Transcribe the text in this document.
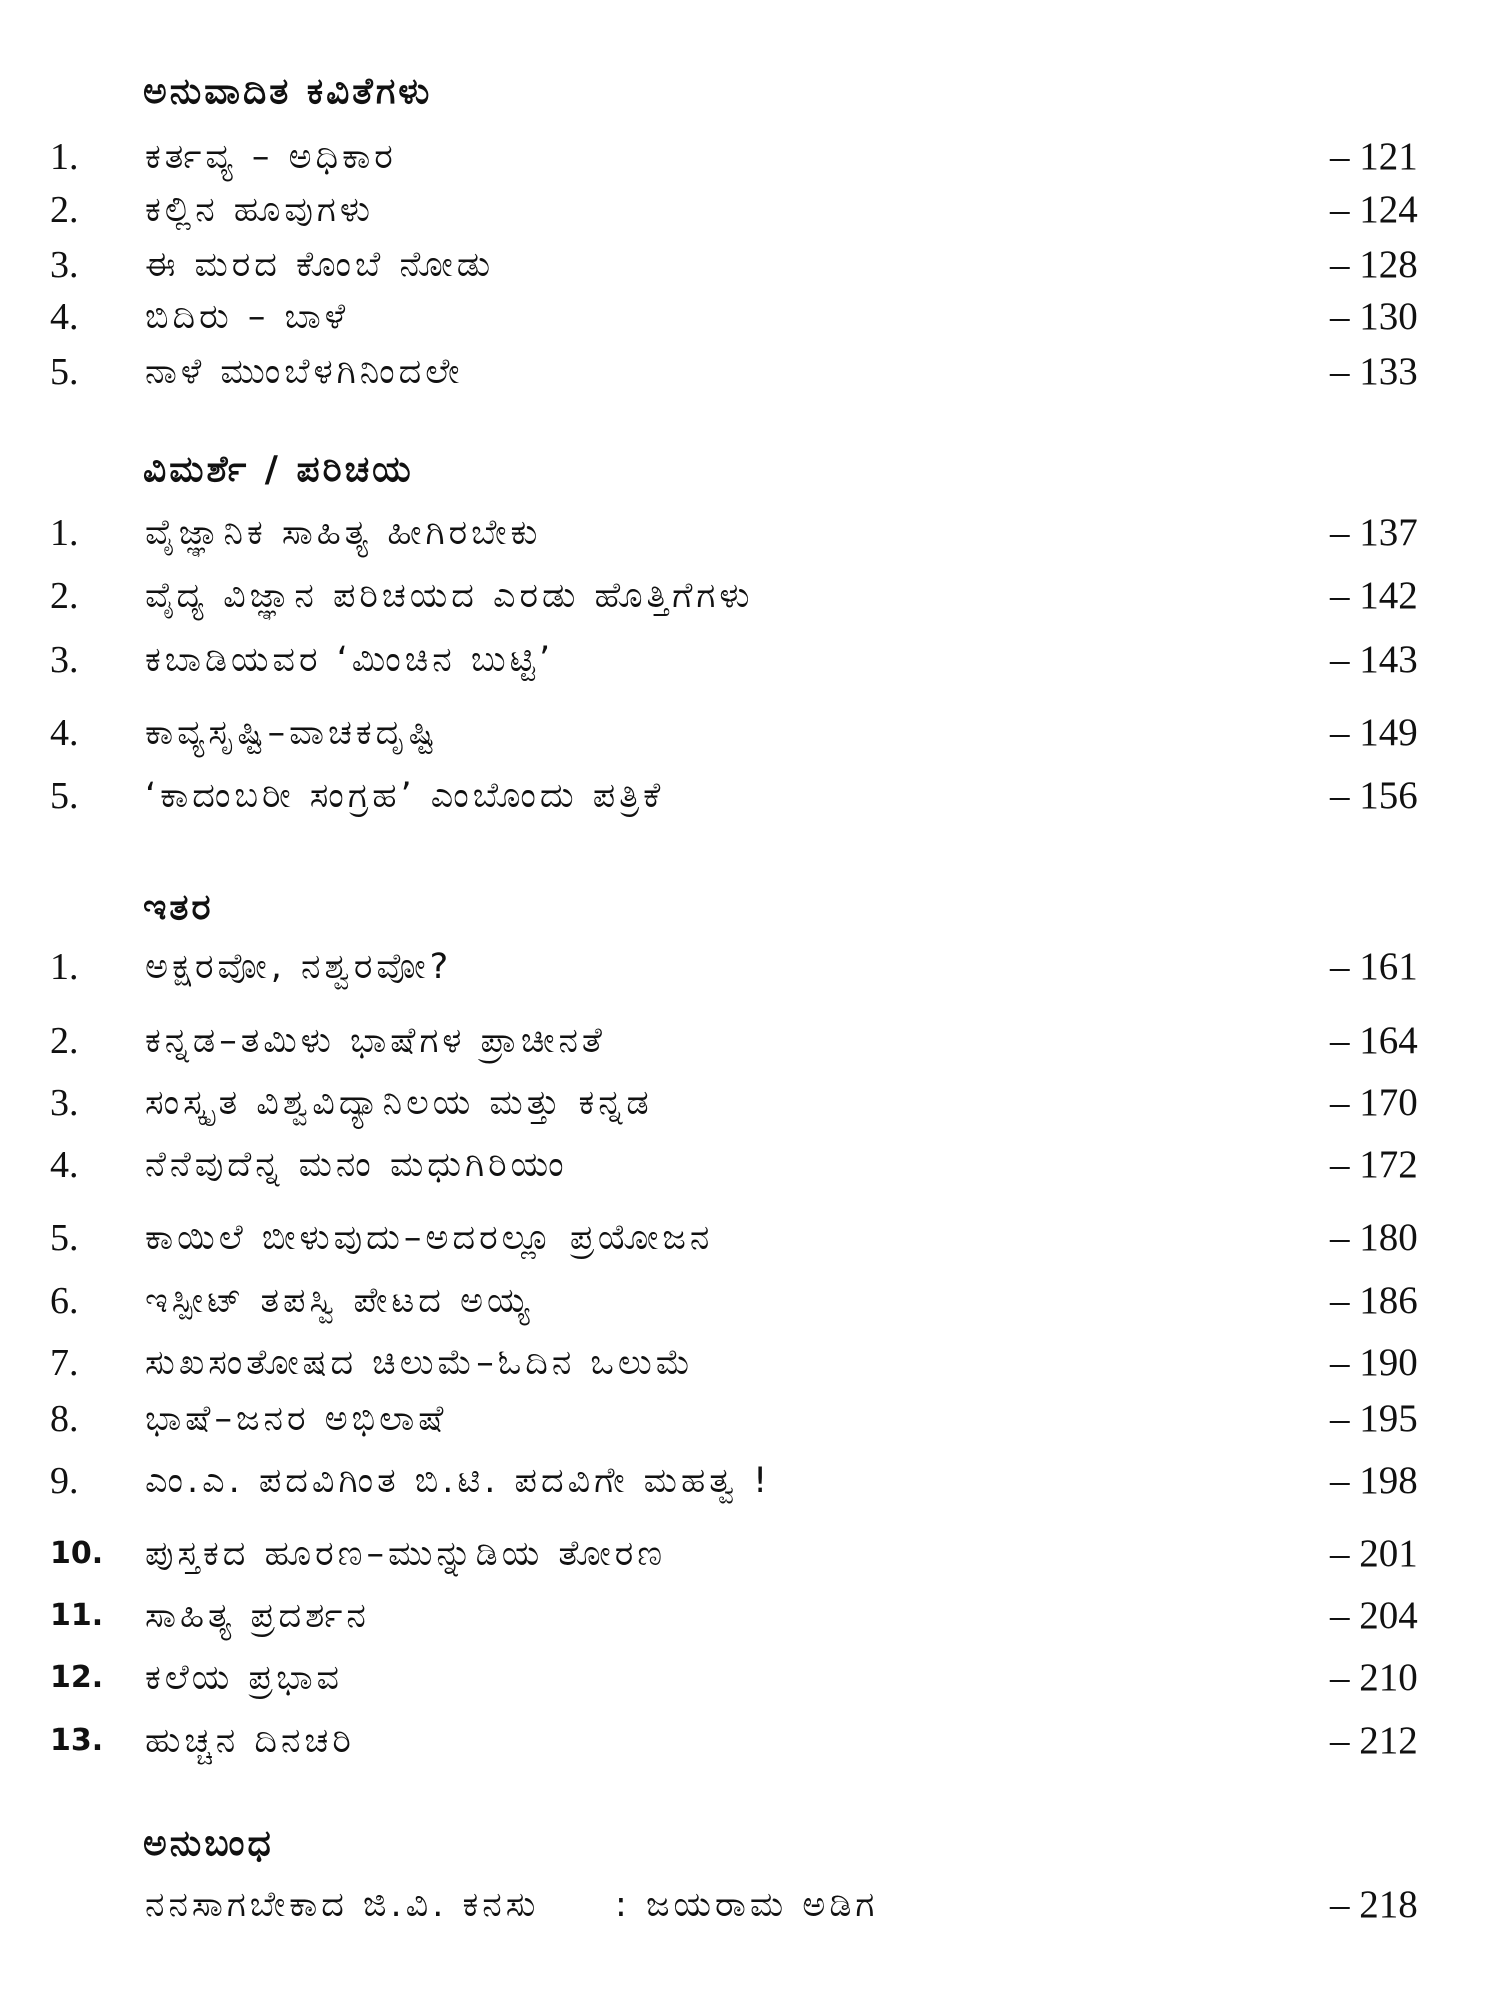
ಅನುವಾದಿತ ಕವಿತೆಗಳು
1. ಕರ್ತವ್ಯ – ಅಧಿಕಾರ	– 121
2. ಕಲ್ಲಿನ ಹೂವುಗಳು	– 124
3. ಈ ಮರದ ಕೊಂಬೆ ನೋಡು	– 128
4. ಬಿದಿರು – ಬಾಳೆ	– 130
5. ನಾಳೆ ಮುಂಬೆಳಗಿನಿಂದಲೇ	– 133
ವಿಮರ್ಶೆ / ಪರಿಚಯ
1. ವೈಜ್ಞಾನಿಕ ಸಾಹಿತ್ಯ ಹೀಗಿರಬೇಕು	– 137
2. ವೈದ್ಯ ವಿಜ್ಞಾನ ಪರಿಚಯದ ಎರಡು ಹೊತ್ತಿಗೆಗಳು	– 142
3. ಕಬಾಡಿಯವರ ‘ಮಿಂಚಿನ ಬುಟ್ಟಿ’	– 143
4. ಕಾವ್ಯಸೃಷ್ಟಿ–ವಾಚಕದೃಷ್ಟಿ	– 149
5. ‘ಕಾದಂಬರೀ ಸಂಗ್ರಹ’ ಎಂಬೊಂದು ಪತ್ರಿಕೆ	– 156
ಇತರ
1. ಅಕ್ಷರವೋ, ನಶ್ವರವೋ?	– 161
2. ಕನ್ನಡ–ತಮಿಳು ಭಾಷೆಗಳ ಪ್ರಾಚೀನತೆ	– 164
3. ಸಂಸ್ಕೃತ ವಿಶ್ವವಿದ್ಯಾನಿಲಯ ಮತ್ತು ಕನ್ನಡ	– 170
4. ನೆನೆವುದೆನ್ನ ಮನಂ ಮಧುಗಿರಿಯಂ	– 172
5. ಕಾಯಿಲೆ ಬೀಳುವುದು–ಅದರಲ್ಲೂ ಪ್ರಯೋಜನ	– 180
6. ಇಸ್ಪೀಟ್ ತಪಸ್ವಿ ಪೇಟದ ಅಯ್ಯ	– 186
7. ಸುಖಸಂತೋಷದ ಚಿಲುಮೆ–ಓದಿನ ಒಲುಮೆ	– 190
8. ಭಾಷೆ–ಜನರ ಅಭಿಲಾಷೆ	– 195
9. ಎಂ.ಎ. ಪದವಿಗಿಂತ ಬಿ.ಟಿ. ಪದವಿಗೇ ಮಹತ್ವ !	– 198
10. ಪುಸ್ತಕದ ಹೂರಣ–ಮುನ್ನುಡಿಯ ತೋರಣ	– 201
11. ಸಾಹಿತ್ಯ ಪ್ರದರ್ಶನ	– 204
12. ಕಲೆಯ ಪ್ರಭಾವ	– 210
13. ಹುಚ್ಚನ ದಿನಚರಿ	– 212
ಅನುಬಂಧ
ನನಸಾಗಬೇಕಾದ ಜಿ.ವಿ. ಕನಸು     : ಜಯರಾಮ ಅಡಿಗ	– 218
